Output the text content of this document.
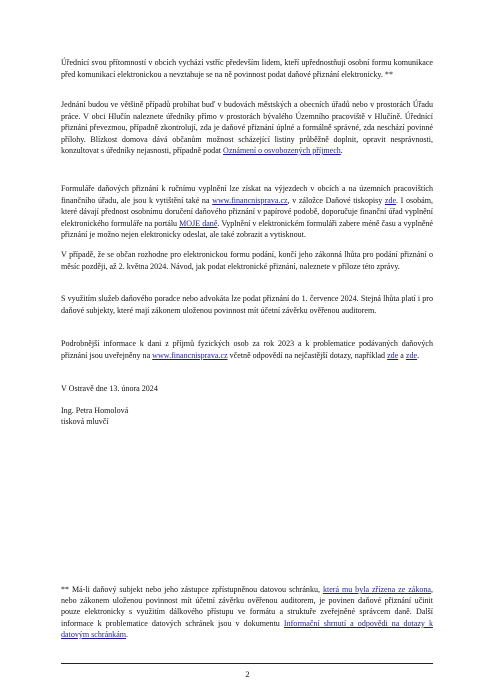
Úřednící svou přítomností v obcích vychází vstříc především lidem, kteří upřednostňují osobní formu komunikace před komunikací elektronickou a nevztahuje se na ně povinnost podat daňové přiznání elektronicky. **

Jednání budou ve většině případů probíhat buď v budovách městských a obecních úřadů nebo v prostorách Úřadu práce. V obci Hlučín naleznete úředníky přímo v prostorách bývalého Územního pracoviště v Hlučíně. Úřednící přiznání převezmou, případně zkontrolují, zda je daňové přiznání úplné a formálně správné, zda neschází povinné přílohy. Blízkost domova dává občanům možnost scházející listiny průběžně doplnit, opravit nesprávnosti, konzultovat s úředníky nejasnosti, případně podat Oznámení o osvobozených příjmech.

Formuláře daňových přiznání k ručnímu vyplnění lze získat na výjezdech v obcích a na územních pracovištích finančního úřadu, ale jsou k vytištění také na www.financnisprava.cz, v záložce Daňové tiskopisy zde. I osobám, které dávají přednost osobnímu doručení daňového přiznání v papírové podobě, doporučuje finanční úřad vyplnění elektronického formuláře na portálu MOJE daně. Vyplnění v elektronickém formuláři zabere méně času a vyplněné přiznání je možno nejen elektronicky odeslat, ale také zobrazit a vytisknout.

V případě, že se občan rozhodne pro elektronickou formu podání, končí jeho zákonná lhůta pro podání přiznání o měsíc později, až 2. května 2024. Návod, jak podat elektronické přiznání, naleznete v příloze této zprávy.

S využitím služeb daňového poradce nebo advokáta lze podat přiznání do 1. července 2024. Stejná lhůta platí i pro daňové subjekty, které mají zákonem uloženou povinnost mít účetní závěrku ověřenou auditorem.

Podrobnější informace k dani z příjmů fyzických osob za rok 2023 a k problematice podávaných daňových přiznání jsou uveřejněny na www.financnisprava.cz včetně odpovědí na nejčastější dotazy, například zde a zde.

V Ostravě dne 13. února 2024

Ing. Petra Homolová

tisková mluvčí

** Má-li daňový subjekt nebo jeho zástupce zpřístupněnou datovou schránku, která mu byla zřízena ze zákona, nebo zákonem uloženou povinnost mít účetní závěrku ověřenou auditorem, je povinen daňové přiznání učinit pouze elektronicky s využitím dálkového přístupu ve formátu a struktuře zveřejněné správcem daně. Další informace k problematice datových schránek jsou v dokumentu Informační shrnutí a odpovědi na dotazy k datovým schránkám.

2
